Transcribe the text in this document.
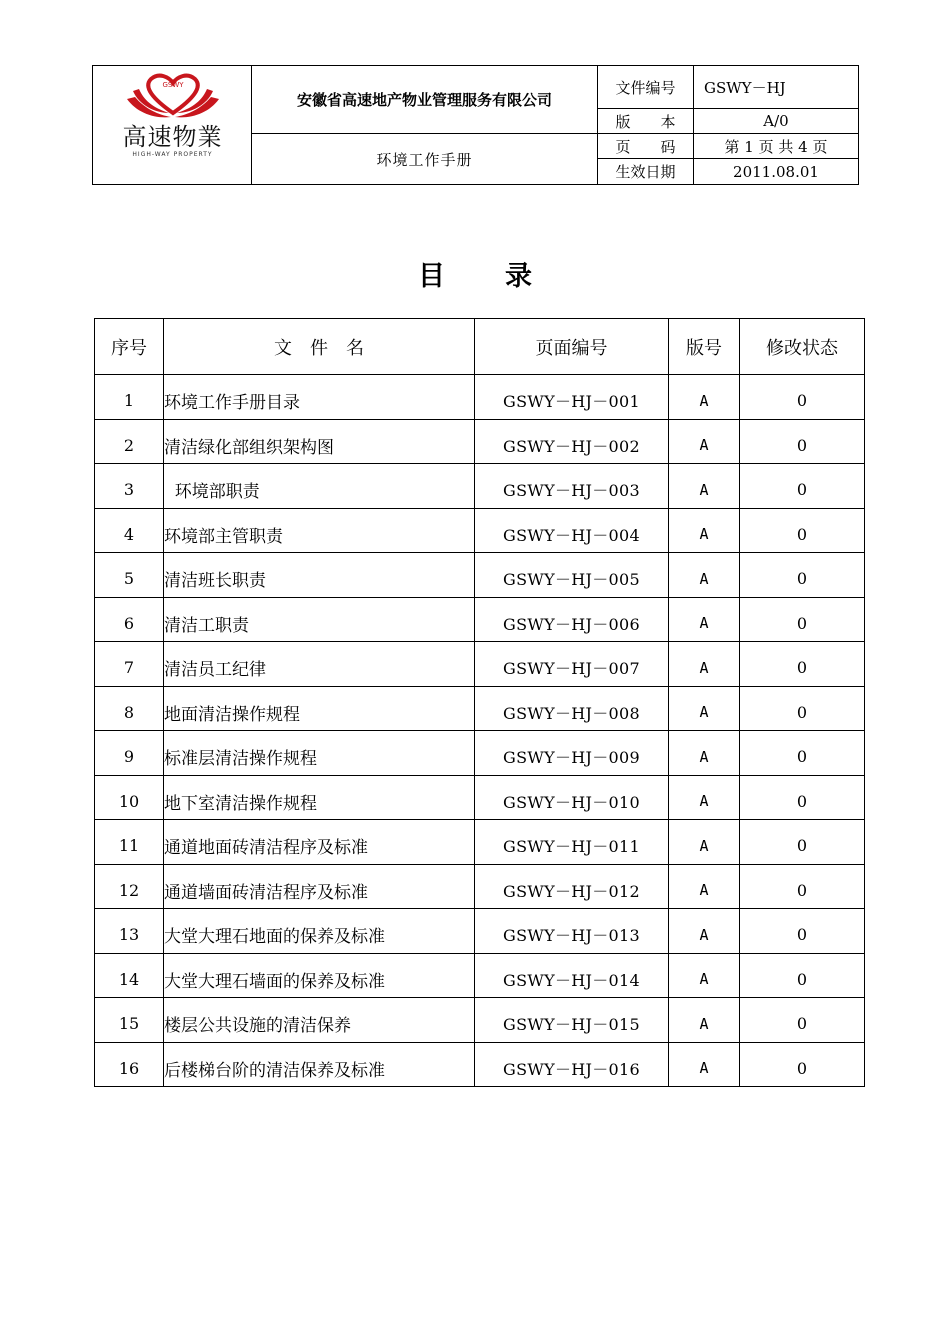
GSWY
高速物業
HIGH-WAY PROPERTY	安徽省高速地产物业管理服务有限公司	文件编号	GSWY－HJ
		版　　本	A/0
	环境工作手册	页　　码	第 1 页 共 4 页
		生效日期	2011.08.01
目 录
序号	文　件　名	页面编号	版号	修改状态
1	环境工作手册目录	GSWY－HJ－001	A	0
2	清洁绿化部组织架构图	GSWY－HJ－002	A	0
3	环境部职责	GSWY－HJ－003	A	0
4	环境部主管职责	GSWY－HJ－004	A	0
5	清洁班长职责	GSWY－HJ－005	A	0
6	清洁工职责	GSWY－HJ－006	A	0
7	清洁员工纪律	GSWY－HJ－007	A	0
8	地面清洁操作规程	GSWY－HJ－008	A	0
9	标准层清洁操作规程	GSWY－HJ－009	A	0
10	地下室清洁操作规程	GSWY－HJ－010	A	0
11	通道地面砖清洁程序及标准	GSWY－HJ－011	A	0
12	通道墙面砖清洁程序及标准	GSWY－HJ－012	A	0
13	大堂大理石地面的保养及标准	GSWY－HJ－013	A	0
14	大堂大理石墙面的保养及标准	GSWY－HJ－014	A	0
15	楼层公共设施的清洁保养	GSWY－HJ－015	A	0
16	后楼梯台阶的清洁保养及标准	GSWY－HJ－016	A	0
